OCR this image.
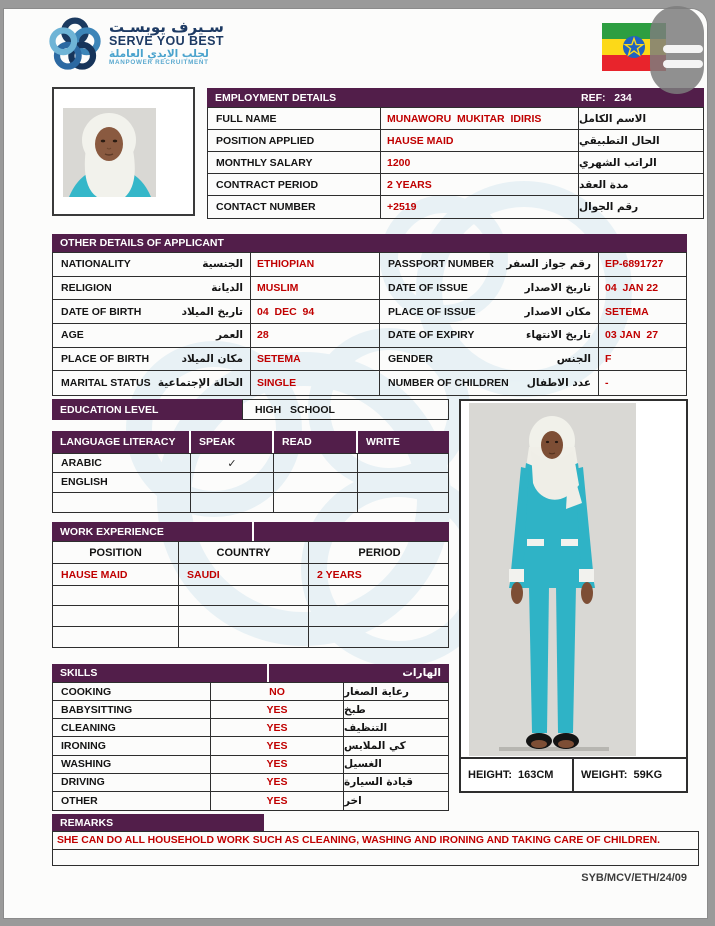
سـيرف يوبسـت
SERVE YOU BEST
لجلب الايدي العاملة
MANPOWER RECRUITMENT
EMPLOYMENT DETAILS	REF:   234
FULL NAME	MUNAWORU  MUKITAR  IDIRIS	الاسم الكامل
POSITION APPLIED	HAUSE MAID	الحال التطبيقي
MONTHLY SALARY	1200	الراتب الشهري
CONTRACT PERIOD	2 YEARS	مدة العقد
CONTACT NUMBER	+2519	رقم الجوال
OTHER DETAILS OF APPLICANT
NATIONALITY	الجنسية ETHIOPIAN	PASSPORT NUMBER رقم جواز السفر EP-6891727
RELIGION	الديانة MUSLIM	DATE OF ISSUE	تاريخ الاصدار 04  JAN 22
DATE OF BIRTH	تاريخ الميلاد 04  DEC  94	PLACE OF ISSUE	مكان الاصدار SETEMA
AGE	العمر 28	DATE OF EXPIRY	تاريخ الانتهاء 03 JAN  27
PLACE OF BIRTH	مكان الميلاد SETEMA	GENDER	الجنس F
MARITAL STATUS الحالة الإجتماعية SINGLE	NUMBER OF CHILDREN عدد الاطفال -
EDUCATION LEVEL	HIGH   SCHOOL
LANGUAGE LITERACY	SPEAK	READ	WRITE
ARABIC	✓
ENGLISH
WORK EXPERIENCE
POSITION	COUNTRY	PERIOD
HAUSE MAID	SAUDI	2 YEARS
SKILLS	الهارات
COOKING	NO	رعاية الصغار
BABYSITTING	YES	طبخ
CLEANING	YES	التنظيف
IRONING	YES	كي الملابس
WASHING	YES	الغسيل
DRIVING	YES	قيادة السيارة
OTHER	YES	اخر
HEIGHT: 163CM	WEIGHT: 59KG
REMARKS
SHE CAN DO ALL HOUSEHOLD WORK SUCH AS CLEANING, WASHING AND IRONING AND TAKING CARE OF CHILDREN.
SYB/MCV/ETH/24/09
